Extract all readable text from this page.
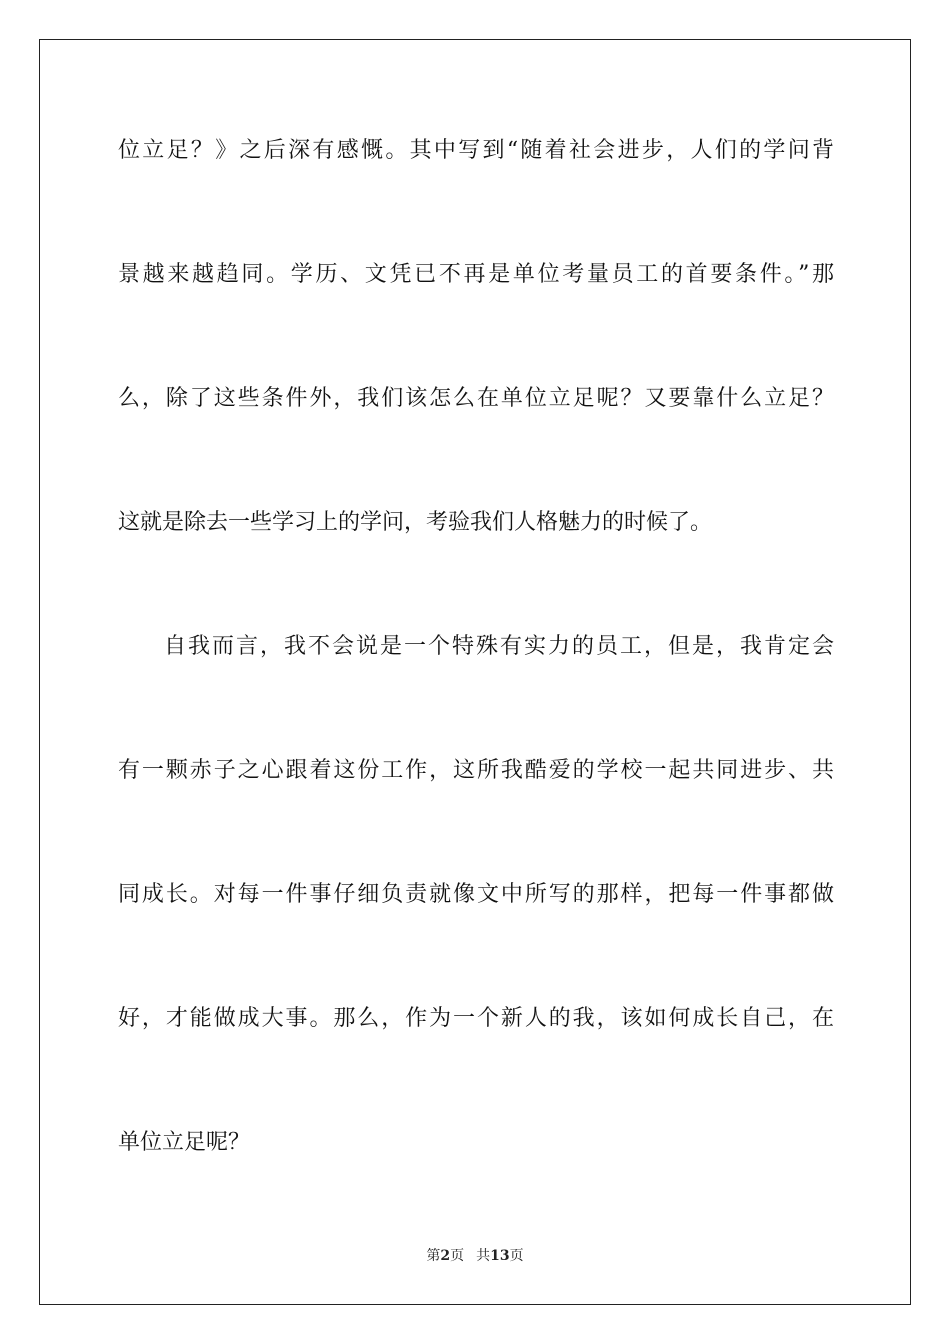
位立足？》之后深有感慨。其中写到“随着社会进步，人们的学问背
景越来越趋同。学历、文凭已不再是单位考量员工的首要条件。”那
么，除了这些条件外，我们该怎么在单位立足呢？又要靠什么立足？
这就是除去一些学习上的学问，考验我们人格魅力的时候了。
自我而言，我不会说是一个特殊有实力的员工，但是，我肯定会
有一颗赤子之心跟着这份工作，这所我酷爱的学校一起共同进步、共
同成长。对每一件事仔细负责就像文中所写的那样，把每一件事都做
好，才能做成大事。那么，作为一个新人的我，该如何成长自己，在
单位立足呢？
第2页 共13页
